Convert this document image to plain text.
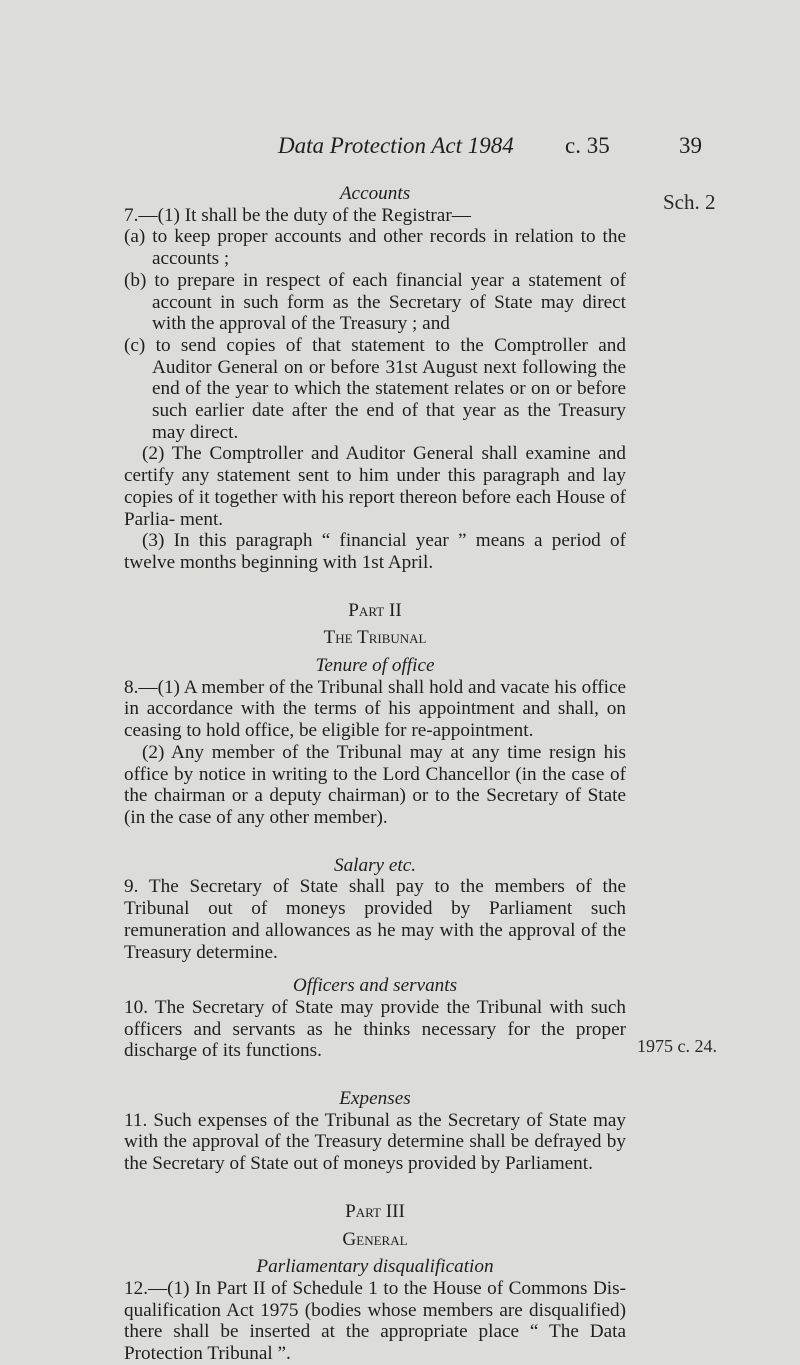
Data Protection Act 1984 c. 35	39
Sch. 2
1975 c. 24.

Accounts

7.—(1) It shall be the duty of the Registrar—

(a) to keep proper accounts and other records in relation to the accounts ;

(b) to prepare in respect of each financial year a statement of account in such form as the Secretary of State may direct with the approval of the Treasury ; and

(c) to send copies of that statement to the Comptroller and Auditor General on or before 31st August next following the end of the year to which the statement relates or on or before such earlier date after the end of that year as the Treasury may direct.

(2) The Comptroller and Auditor General shall examine and certify any statement sent to him under this paragraph and lay copies of it together with his report thereon before each House of Parlia- ment.

(3) In this paragraph “ financial year ” means a period of twelve months beginning with 1st April.

Part II

The Tribunal

Tenure of office

8.—(1) A member of the Tribunal shall hold and vacate his office in accordance with the terms of his appointment and shall, on ceasing to hold office, be eligible for re-appointment.

(2) Any member of the Tribunal may at any time resign his office by notice in writing to the Lord Chancellor (in the case of the chairman or a deputy chairman) or to the Secretary of State (in the case of any other member).

Salary etc.

9. The Secretary of State shall pay to the members of the Tribunal out of moneys provided by Parliament such remuneration and allowances as he may with the approval of the Treasury determine.

Officers and servants

10. The Secretary of State may provide the Tribunal with such officers and servants as he thinks necessary for the proper discharge of its functions.

Expenses

11. Such expenses of the Tribunal as the Secretary of State may with the approval of the Treasury determine shall be defrayed by the Secretary of State out of moneys provided by Parliament.

Part III

General

Parliamentary disqualification

12.—(1) In Part II of Schedule 1 to the House of Commons Dis- qualification Act 1975 (bodies whose members are disqualified) there shall be inserted at the appropriate place “ The Data Protection Tribunal ”.
